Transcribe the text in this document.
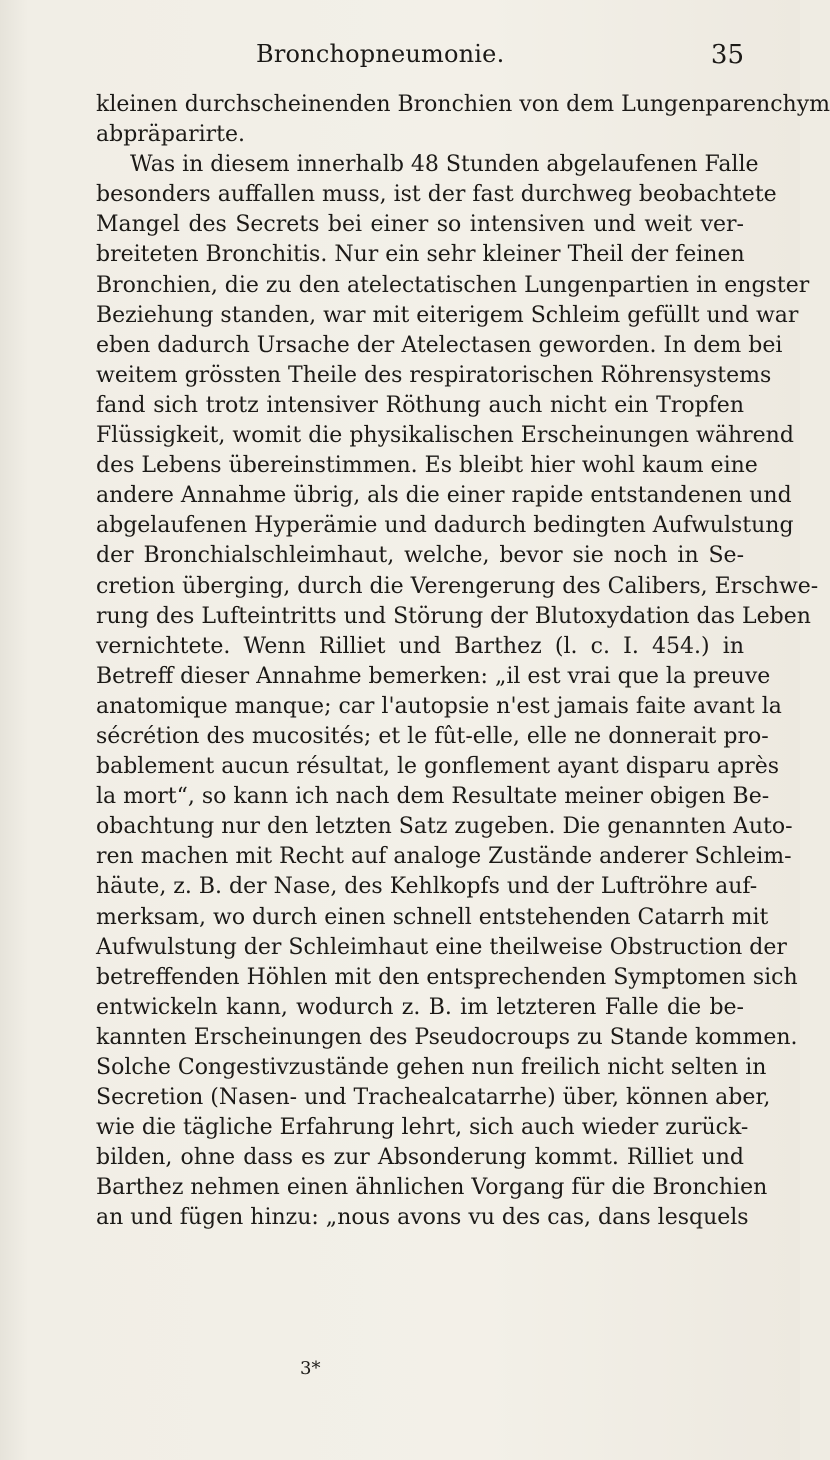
Bronchopneumonie.	35
kleinen durchscheinenden Bronchien von dem Lungenparenchym
abpräparirte.
Was in diesem innerhalb 48 Stunden abgelaufenen Falle
besonders auffallen muss, ist der fast durchweg beobachtete
Mangel des Secrets bei einer so intensiven und weit ver-
breiteten Bronchitis. Nur ein sehr kleiner Theil der feinen
Bronchien, die zu den atelectatischen Lungenpartien in engster
Beziehung standen, war mit eiterigem Schleim gefüllt und war
eben dadurch Ursache der Atelectasen geworden. In dem bei
weitem grössten Theile des respiratorischen Röhrensystems
fand sich trotz intensiver Röthung auch nicht ein Tropfen
Flüssigkeit, womit die physikalischen Erscheinungen während
des Lebens übereinstimmen. Es bleibt hier wohl kaum eine
andere Annahme übrig, als die einer rapide entstandenen und
abgelaufenen Hyperämie und dadurch bedingten Aufwulstung
der Bronchialschleimhaut, welche, bevor sie noch in Se-
cretion überging, durch die Verengerung des Calibers, Erschwe-
rung des Lufteintritts und Störung der Blutoxydation das Leben
vernichtete. Wenn Rilliet und Barthez (l. c. I. 454.) in
Betreff dieser Annahme bemerken: „il est vrai que la preuve
anatomique manque; car l'autopsie n'est jamais faite avant la
sécrétion des mucosités; et le fût-elle, elle ne donnerait pro-
bablement aucun résultat, le gonflement ayant disparu après
la mort“, so kann ich nach dem Resultate meiner obigen Be-
obachtung nur den letzten Satz zugeben. Die genannten Auto-
ren machen mit Recht auf analoge Zustände anderer Schleim-
häute, z. B. der Nase, des Kehlkopfs und der Luftröhre auf-
merksam, wo durch einen schnell entstehenden Catarrh mit
Aufwulstung der Schleimhaut eine theilweise Obstruction der
betreffenden Höhlen mit den entsprechenden Symptomen sich
entwickeln kann, wodurch z. B. im letzteren Falle die be-
kannten Erscheinungen des Pseudocroups zu Stande kommen.
Solche Congestivzustände gehen nun freilich nicht selten in
Secretion (Nasen- und Trachealcatarrhe) über, können aber,
wie die tägliche Erfahrung lehrt, sich auch wieder zurück-
bilden, ohne dass es zur Absonderung kommt. Rilliet und
Barthez nehmen einen ähnlichen Vorgang für die Bronchien
an und fügen hinzu: „nous avons vu des cas, dans lesquels
3*
